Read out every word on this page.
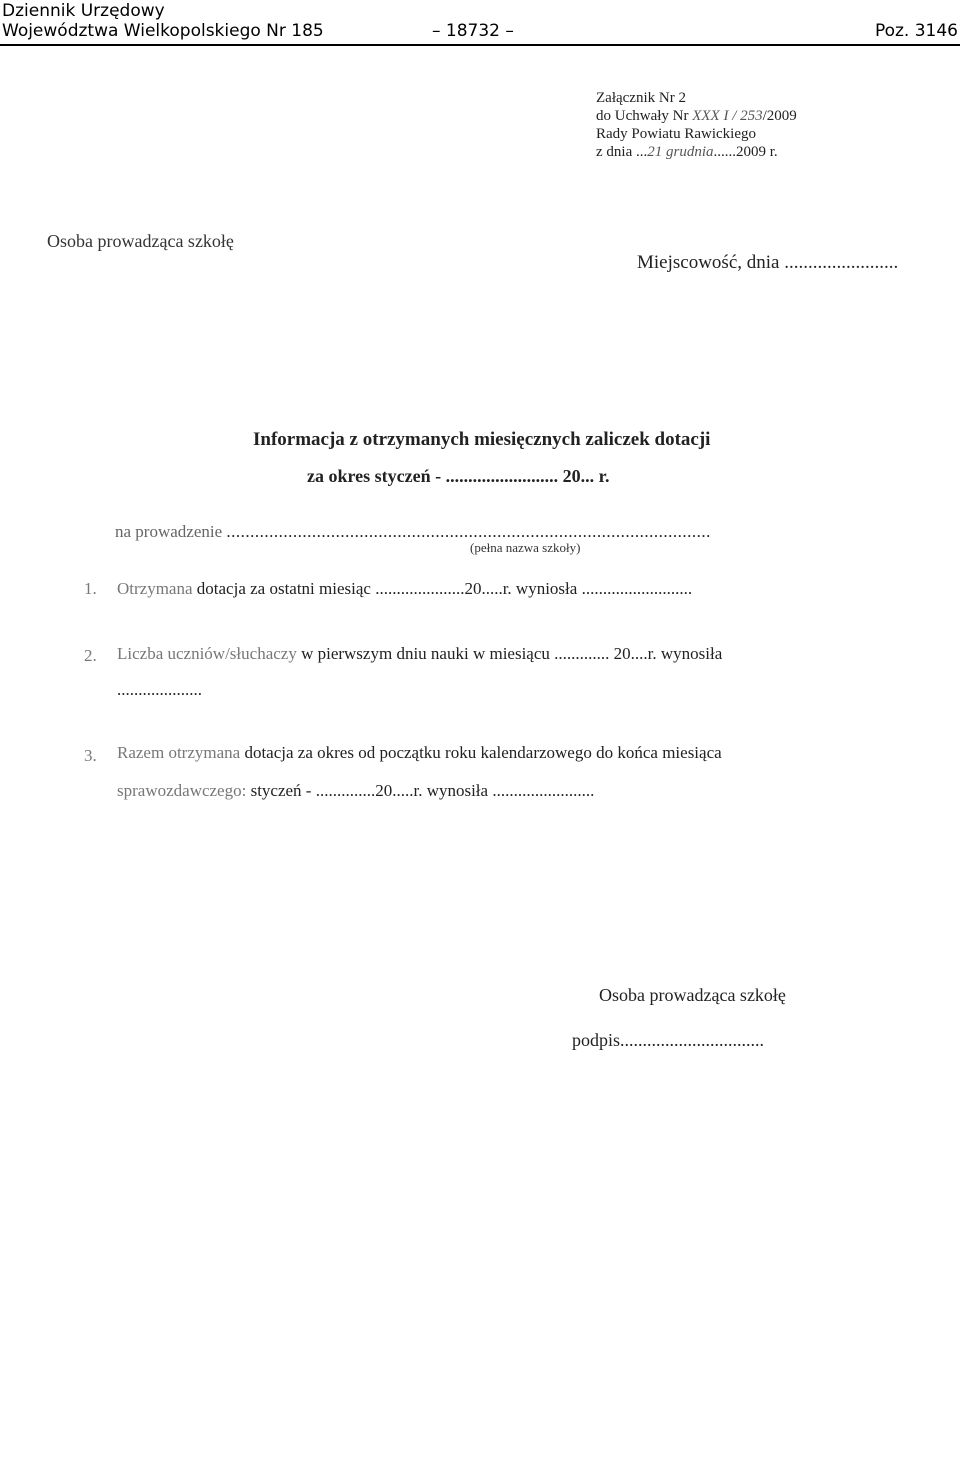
Dziennik Urzędowy
Województwa Wielkopolskiego Nr 185	– 18732 –	Poz. 3146
Załącznik Nr 2
do Uchwały Nr XXX I / 253/2009
Rady Powiatu Rawickiego
z dnia ...21 grudnia......2009 r.
Osoba prowadząca szkołę
Miejscowość, dnia ........................
Informacja z otrzymanych miesięcznych zaliczek dotacji
za okres styczeń - ......................... 20... r.
na prowadzenie ......................................................................................................
(pełna nazwa szkoły)
1. Otrzymana dotacja za ostatni miesiąc .....................20.....r. wyniosła ..........................
2. Liczba uczniów/słuchaczy w pierwszym dniu nauki w miesiącu ............. 20....r. wynosiła
....................
3. Razem otrzymana dotacja za okres od początku roku kalendarzowego do końca miesiąca
sprawozdawczego: styczeń - ..............20.....r. wynosiła ........................
Osoba prowadząca szkołę
podpis................................
